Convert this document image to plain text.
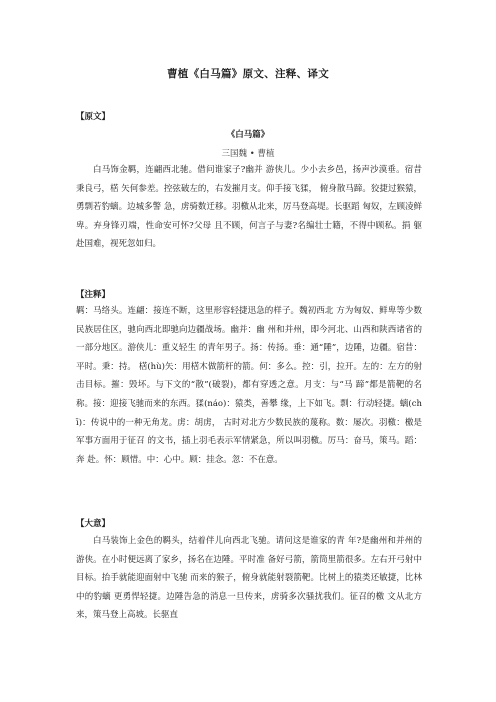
曹植《白马篇》原文、注释、译文
【原文】
《白马篇》
三国魏 • 曹植
白马饰金羁，连翩西北驰。借问谁家子?幽并 游侠儿。少小去乡邑，扬声沙漠垂。宿昔秉良弓，楛 矢何参差。控弦破左的，右发摧月支。仰手接飞猱， 俯身散马蹄。狡捷过猴猿，勇剽若豹螭。边城多警 急，虏骑数迁移。羽檄从北来，厉马登高堤。长驱蹈 匈奴，左顾凌鲜卑。弃身锋刃端，性命安可怀?父母 且不顾，何言子与妻?名编壮士籍，不得中顾私。捐 躯赴国难，视死忽如归。
【注释】
羁：马络头。连翩：接连不断，这里形容轻捷迅急的样子。魏初西北 方为匈奴、鲜卑等少数民族居住区，驰向西北即驰向边疆战场。幽并：幽 州和并州，即今河北、山西和陕西诸省的一部分地区。游侠儿：重义轻生 的青年男子。扬：传扬。垂：通“陲”，边陲，边疆。宿昔：平时。秉：持。 楛(hù)矢：用楛木做箭杆的箭。何：多么。控：引，拉开。左的：左方的射 击目标。摧：毁坏。与下文的“散”(破裂)，都有穿透之意。月支：与“马 蹄”都是箭靶的名称。接：迎接飞驰而来的东西。猱(náo)：猿类，善攀 缘，上下如飞。剽：行动轻捷。螭(chī)：传说中的一种无角龙。虏：胡虏， 古时对北方少数民族的蔑称。数：屡次。羽檄：檄是军事方面用于征召 的文书，插上羽毛表示军情紧急，所以叫羽檄。厉马：奋马，策马。蹈：奔 赴。怀：顾惜。中：心中。顾：挂念。忽：不在意。
【大意】
白马装饰上金色的羁头，结着伴儿向西北飞驰。请问这是谁家的青 年?是幽州和并州的游侠。在小时便远离了家乡，扬名在边陲。平时准 备好弓箭，箭筒里箭很多。左右开弓射中目标。抬手就能迎面射中飞驰 而来的猴子，俯身就能射裂箭靶。比树上的猿类还敏捷，比林中的豹螭 更勇悍轻捷。边陲告急的消息一旦传来，虏骑多次骚扰我们。征召的檄 文从北方来，策马登上高坡。长驱直
